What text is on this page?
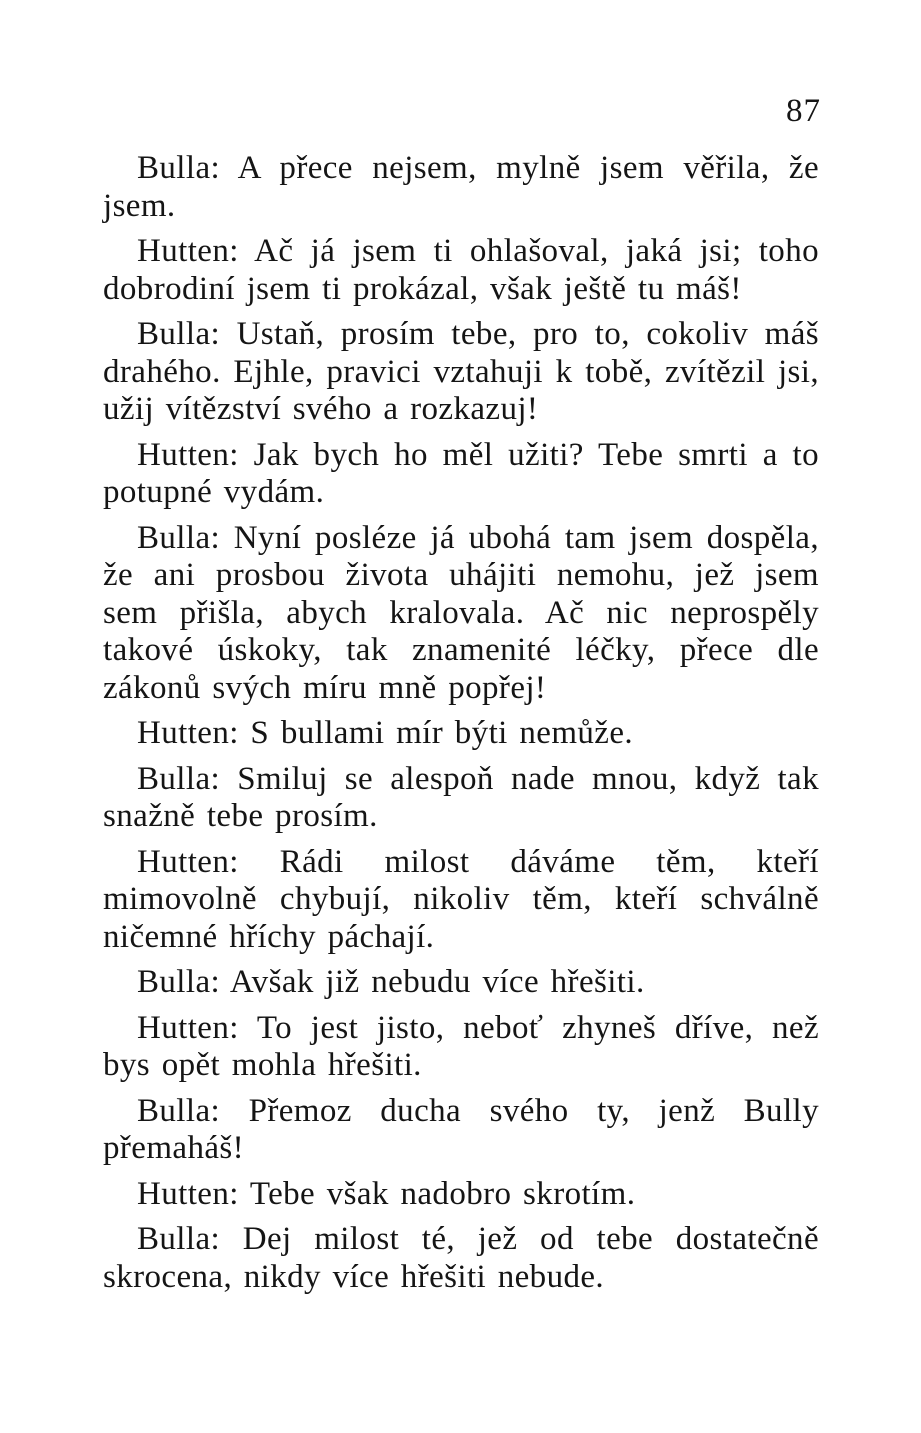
87

Bulla: A přece nejsem, mylně jsem věřila, že jsem.

Hutten: Ač já jsem ti ohlašoval, jaká jsi; toho dobrodiní jsem ti prokázal, však ještě tu máš!

Bulla: Ustaň, prosím tebe, pro to, cokoliv máš drahého. Ejhle, pravici vztahuji k tobě, zvítězil jsi, užij vítězství svého a rozkazuj!

Hutten: Jak bych ho měl užiti? Tebe smrti a to potupné vydám.

Bulla: Nyní posléze já ubohá tam jsem dospěla, že ani prosbou života uhájiti nemohu, jež jsem sem přišla, abych kralovala. Ač nic neprospěly takové úskoky, tak znamenité léčky, přece dle zákonů svých míru mně popřej!

Hutten: S bullami mír býti nemůže.

Bulla: Smiluj se alespoň nade mnou, když tak snažně tebe prosím.

Hutten: Rádi milost dáváme těm, kteří mimovolně chybují, nikoliv těm, kteří schválně ničemné hříchy páchají.

Bulla: Avšak již nebudu více hřešiti.

Hutten: To jest jisto, neboť zhyneš dříve, než bys opět mohla hřešiti.

Bulla: Přemoz ducha svého ty, jenž Bully přemaháš!

Hutten: Tebe však nadobro skrotím.

Bulla: Dej milost té, jež od tebe dostatečně skrocena, nikdy více hřešiti nebude.
